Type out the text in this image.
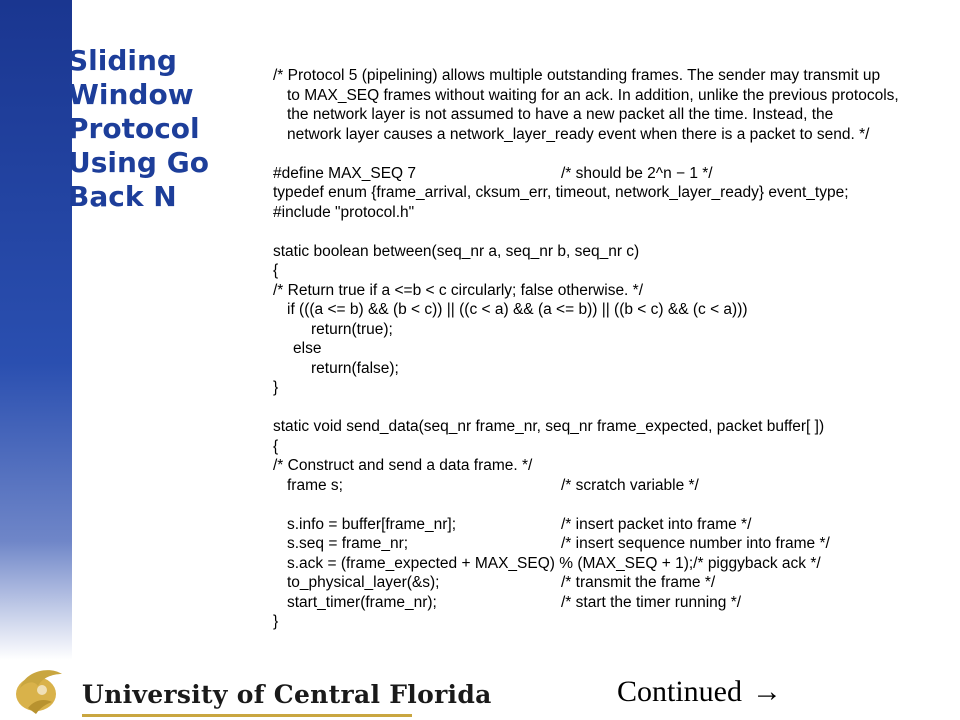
Sliding
Window
Protocol
Using Go
Back N
/* Protocol 5 (pipelining) allows multiple outstanding frames. The sender may transmit up
to MAX_SEQ frames without waiting for an ack. In addition, unlike the previous protocols,
the network layer is not assumed to have a new packet all the time. Instead, the
network layer causes a network_layer_ready event when there is a packet to send. */
#define MAX_SEQ 7	/* should be 2^n − 1 */
typedef enum {frame_arrival, cksum_err, timeout, network_layer_ready} event_type;
#include "protocol.h"
static boolean between(seq_nr a, seq_nr b, seq_nr c)
{
/* Return true if a <=b < c circularly; false otherwise. */
if (((a <= b) && (b < c)) || ((c < a) && (a <= b)) || ((b < c) && (c < a)))
return(true);
else
return(false);
}
static void send_data(seq_nr frame_nr, seq_nr frame_expected, packet buffer[ ])
{
/* Construct and send a data frame. */
frame s;	/* scratch variable */
s.info = buffer[frame_nr];	/* insert packet into frame */
s.seq = frame_nr;	/* insert sequence number into frame */
s.ack = (frame_expected + MAX_SEQ) % (MAX_SEQ + 1);/* piggyback ack */
to_physical_layer(&s);	/* transmit the frame */
start_timer(frame_nr);	/* start the timer running */
}

University of Central Florida	Continued →
